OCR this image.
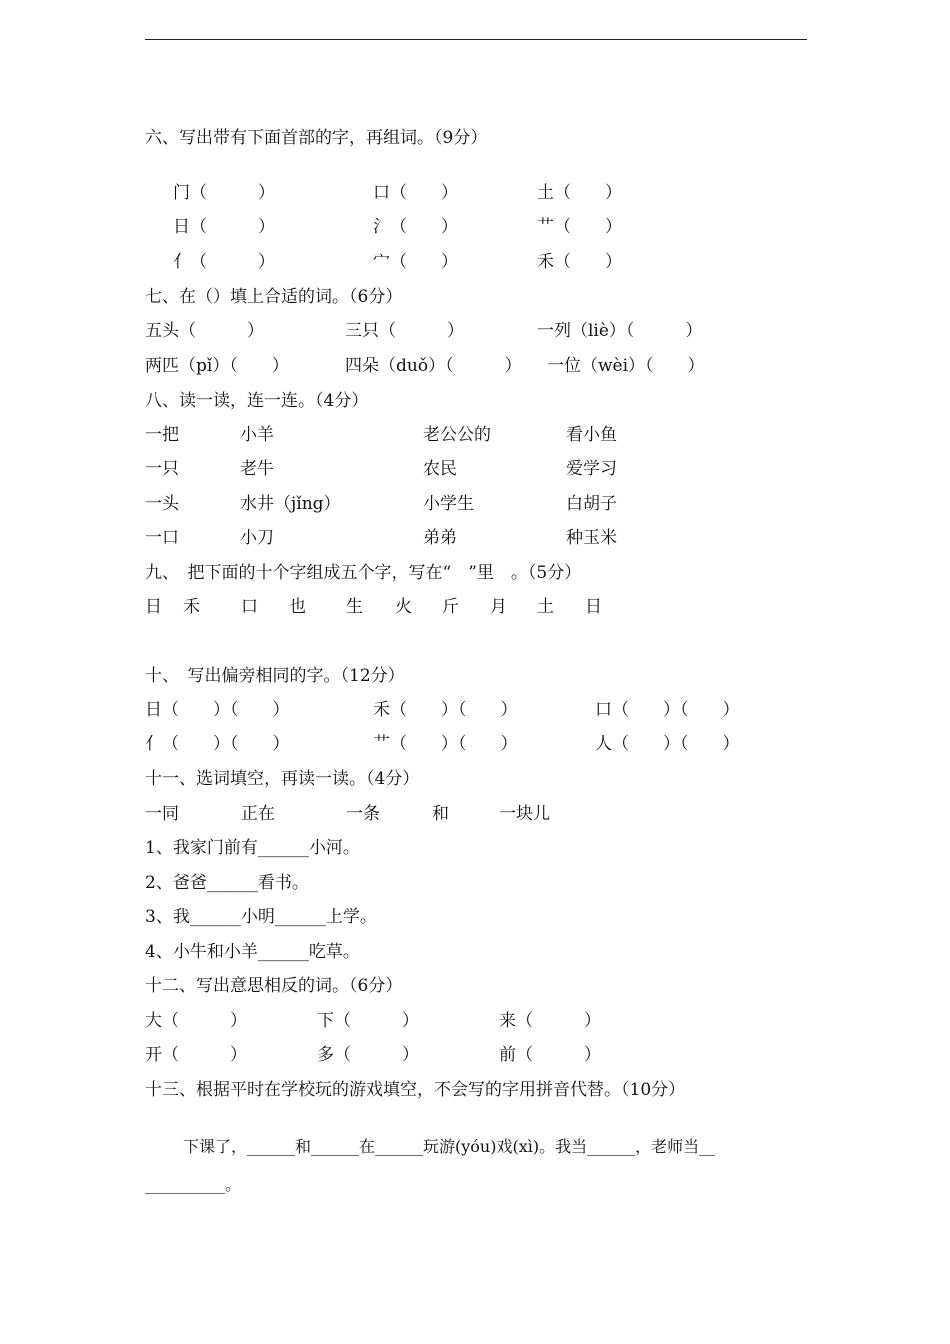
六、写出带有下面首部的字，再组词。（9分）
门（　　　）	口（　　）	土（　　）
日（　　　）	氵（　　）	艹（　　）
亻（　　　）	宀（　　）	禾（　　）
七、在（）填上合适的词。（6分）
五头（　　　）	三只（　　　）	一列（liè）（　　　）
两匹（pǐ）（　　）	四朵（duǒ）（　　　） 一位（wèi）（　　）
八、读一读，连一连。（4分）
一把	小羊	老公公的	看小鱼
一只	老牛	农民	爱学习
一头	水井（jǐng）	小学生	白胡子
一口	小刀	弟弟	种玉米
九、　把下面的十个字组成五个字，写在“　”里　。（5分）
日 禾 口 也 生 火 斤 月 土 日
十、　写出偏旁相同的字。（12分）
日（　　）（　　）	禾（　　）（　　）	口（　　）（　　）
亻（　　）（　　）	艹（　　）（　　）	人（　　）（　　）
十一、选词填空，再读一读。（4分）
一同	正在	一条	和	一块儿
1、我家门前有______小河。
2、爸爸______看书。
3、我______小明______上学。
4、小牛和小羊______吃草。
十二、写出意思相反的词。（6分）
大（　　　）	下（　　　）	来（　　　）
开（　　　）	多（　　　）	前（　　　）
十三、根据平时在学校玩的游戏填空，不会写的字用拼音代替。（10分）
下课了，______和______在______玩游(yóu)戏(xì)。我当______，老师当__
__________。
